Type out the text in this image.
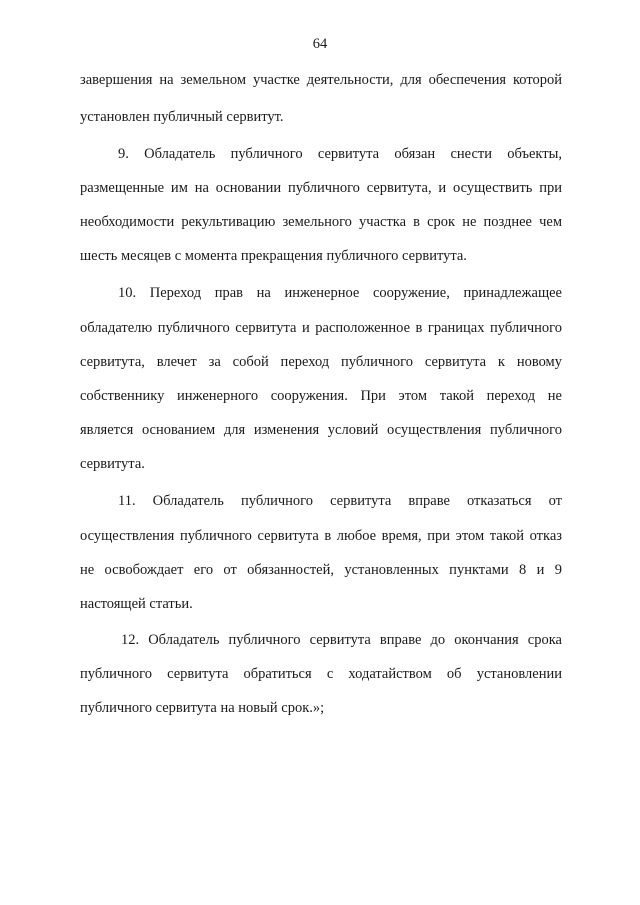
64
завершения на земельном участке деятельности, для обеспечения которой
установлен публичный сервитут.
9. Обладатель публичного сервитута обязан снести объекты,
размещенные им на основании публичного сервитута, и осуществить при
необходимости рекультивацию земельного участка в срок не позднее чем
шесть месяцев с момента прекращения публичного сервитута.
10. Переход прав на инженерное сооружение, принадлежащее
обладателю публичного сервитута и расположенное в границах публичного
сервитута, влечет за собой переход публичного сервитута к новому
собственнику инженерного сооружения. При этом такой переход не
является основанием для изменения условий осуществления публичного
сервитута.
11. Обладатель публичного сервитута вправе отказаться от
осуществления публичного сервитута в любое время, при этом такой отказ
не освобождает его от обязанностей, установленных пунктами 8 и 9
настоящей статьи.
12. Обладатель публичного сервитута вправе до окончания срока
публичного сервитута обратиться с ходатайством об установлении
публичного сервитута на новый срок.»;
